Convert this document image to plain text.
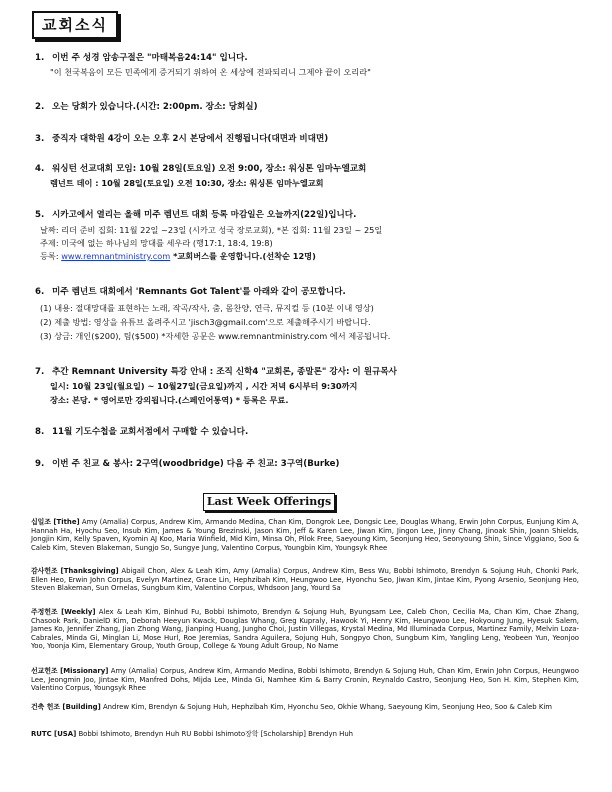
교회소식
1. 이번 주 성경 암송구절은 "마태복음24:14" 입니다.
"이 천국복음이 모든 민족에게 증거되기 위하여 온 세상에 전파되리니 그제야 끝이 오리라"
2. 오는 당회가 있습니다.(시간: 2:00pm. 장소: 당회실)
3. 중직자 대학원 4강이 오는 오후 2시 본당에서 진행됩니다(대면과 비대면)
4. 워싱턴 선교대회 모임: 10월 28일(토요일) 오전 9:00, 장소: 워싱톤 임마누엘교회
렘넌트 데이 : 10월 28일(토요일) 오전 10:30, 장소: 워싱톤 임마누엘교회
5. 시카고에서 열리는 올해 미주 렘넌트 대회 등록 마감일은 오늘까지(22일)입니다.
날짜: 리더 준비 집회: 11월 22일 ~23일 (시카고 성국 장로교회), *본 집회: 11월 23일 ~ 25일
주제: 미국에 없는 하나님의 망대를 세우라 (행17:1, 18:4, 19:8)
등록: www.remnantministry.com *교회버스를 운영합니다.(선착순 12명)
6. 미주 렘넌트 대회에서 'Remnants Got Talent'를 아래와 같이 공모합니다.
(1) 내용: 절대망대를 표현하는 노래, 작곡/작사, 춤, 몸찬양, 연극, 뮤지컬 등 (10분 이내 영상)
(2) 제출 방법: 영상을 유튜브 올려주시고 'jisch3@gmail.com'으로 제출해주시기 바랍니다.
(3) 상금: 개인($200), 팀($500) *자세한 공문은 www.remnantministry.com 에서 제공됩니다.
7. 추간 Remnant University 특강 안내 : 조직 신학4 "교회론, 종말론" 강사: 이 원규목사
일시: 10월 23일(월요일) ~ 10월27일(금요일)까지 , 시간 저녁 6시부터 9:30까지
장소: 본당. * 영어로만 강의됩니다.(스페인어통역) * 등록은 무료.
8. 11월 기도수첩을 교회서점에서 구매할 수 있습니다.
9. 이번 주 친교 & 봉사: 2구역(woodbridge) 다음 주 친교: 3구역(Burke)
Last Week Offerings
십일조 [Tithe] Amy (Amalia) Corpus, Andrew Kim, Armando Medina, Chan Kim, Dongrok Lee, Dongsic Lee, Douglas Whang, Erwin John Corpus, Eunjung Kim A, Hannah Ha, Hyochu Seo, Insub Kim, James & Young Brezinski, Jason Kim, Jeff & Karen Lee, Jiwan Kim, Jingon Lee, Jinny Chang, Jinoak Shin, Joann Shields, Jongjin Kim, Kelly Spaven, Kyomin AJ Koo, Maria Winfield, Mid Kim, Minsa Oh, Pilok Free, Saeyoung Kim, Seonjung Heo, Seonyoung Shin, Since Viggiano, Soo & Caleb Kim, Steven Blakeman, Sungjo So, Sungye Jung, Valentino Corpus, Youngbin Kim, Youngsyk Rhee
감사헌조 [Thanksgiving] Abigail Chon, Alex & Leah Kim, Amy (Amalia) Corpus, Andrew Kim, Bess Wu, Bobbi Ishimoto, Brendyn & Sojung Huh, Chonki Park, Ellen Heo, Erwin John Corpus, Evelyn Martinez, Grace Lin, Hephzibah Kim, Heungwoo Lee, Hyonchu Seo, Jiwan Kim, Jintae Kim, Pyong Arsenio, Seonjung Heo, Steven Blakeman, Sun Ornelas, Sungbum Kim, Valentino Corpus, Whdsoon Jang, Yourd Sa
주정헌조 [Weekly] Alex & Leah Kim, Binhud Fu, Bobbi Ishimoto, Brendyn & Sojung Huh, Byungsam Lee, Caleb Chon, Cecilia Ma, Chan Kim, Chae Zhang, Chasook Park, DanielD Kim, Deborah Heeyun Kwack, Douglas Whang, Greg Kupraly, Hawook Yi, Henry Kim, Heungwoo Lee, Hokyoung Jung, Hyesuk Salem, James Ko, Jennifer Zhang, Jian Zhong Wang, Jianping Huang, Jungho Choi, Justin Villegas, Krystal Medina, Md Illuminada Corpus, Martinez Family, Melvin Loza-Cabrales, Minda Gi, Minglan Li, Mose Hurl, Roe Jeremias, Sandra Aguilera, Sojung Huh, Songpyo Chon, Sungbum Kim, Yangling Leng, Yeobeen Yun, Yeonjoo Yoo, Yoonja Kim, Elementary Group, Youth Group, College & Young Adult Group, No Name
선교헌조 [Missionary] Amy (Amalia) Corpus, Andrew Kim, Armando Medina, Bobbi Ishimoto, Brendyn & Sojung Huh, Chan Kim, Erwin John Corpus, Heungwoo Lee, Jeongmin Joo, Jintae Kim, Manfred Dohs, Mijda Lee, Minda Gi, Namhee Kim & Barry Cronin, Reynaldo Castro, Seonjung Heo, Son H. Kim, Stephen Kim, Valentino Corpus, Youngsyk Rhee
건축 헌조 [Building] Andrew Kim, Brendyn & Sojung Huh, Hephzibah Kim, Hyonchu Seo, Okhie Whang, Saeyoung Kim, Seonjung Heo, Soo & Caleb Kim
RUTC [USA] Bobbi Ishimoto, Brendyn Huh RU Bobbi Ishimoto장학 [Scholarship] Brendyn Huh
